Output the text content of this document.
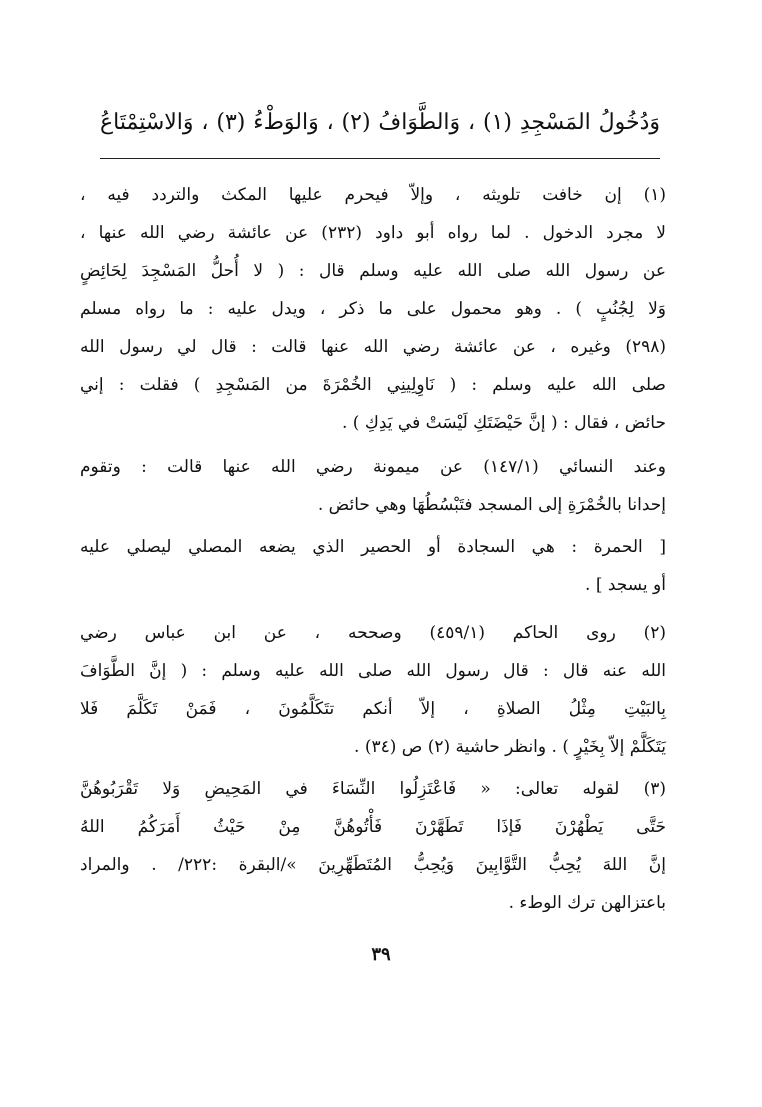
وَدُخُولُ المَسْجِدِ (١) ، وَالطَّوَافُ (٢) ، وَالوَطْءُ (٣) ، وَالاسْتِمْتَاعُ
(١) إن خافت تلويثه ، وإلاّ فيحرم عليها المكث والتردد فيه ،
لا مجرد الدخول . لما رواه أبو داود (٢٣٢) عن عائشة رضي الله عنها ،
عن رسول الله صلى الله عليه وسلم قال : ( لا أُحلُّ المَسْجِدَ لِحَائِضٍ
وَلا لِجُنُبٍ ) . وهو محمول على ما ذكر ، ويدل عليه : ما رواه مسلم
(٢٩٨) وغيره ، عن عائشة رضي الله عنها قالت : قال لي رسول الله
صلى الله عليه وسلم : ( نَاوِلِينِي الخُمْرَةَ من المَسْجِدِ ) فقلت : إني
حائض ، فقال : ( إنَّ حَيْضَتَكِ لَيْسَتْ في يَدِكِ ) .
وعند النسائي (١٤٧/١) عن ميمونة رضي الله عنها قالت : وتقوم
إحدانا بالخُمْرَةِ إلى المسجد فتَبْسُطُهَا وهي حائض .
[ الحمرة : هي السجادة أو الحصير الذي يضعه المصلي ليصلي عليه
أو يسجد ] .
(٢) روى الحاكم (٤٥٩/١) وصححه ، عن ابن عباس رضي
الله عنه قال : قال رسول الله صلى الله عليه وسلم : ( إنَّ الطَّوَافَ
بِالبَيْتِ مِثْلُ الصلاةِ ، إلاّ أنكم تتَكَلَّمُونَ ، فَمَنْ تَكَلَّمَ فَلا
يَتَكَلَّمْ إلاّ بِخَيْرٍ ) . وانظر حاشية (٢) ص (٣٤) .
(٣) لقوله تعالى: « فَاعْتَزِلُوا النِّسَاءَ في المَحِيضِ وَلا تَقْرَبُوهُنَّ
حَتَّى يَطْهُرْنَ فَإذَا تَطَهَّرْنَ فَأْتُوهُنَّ مِنْ حَيْثُ أَمَرَكُمُ اللهُ
إنَّ اللهَ يُحِبُّ التَّوَّابِينَ وَيُحِبُّ المُتَطَهِّرِينَ »/البقرة :٢٢٢/ . والمراد
باعتزالهن ترك الوطء .
٣٩
